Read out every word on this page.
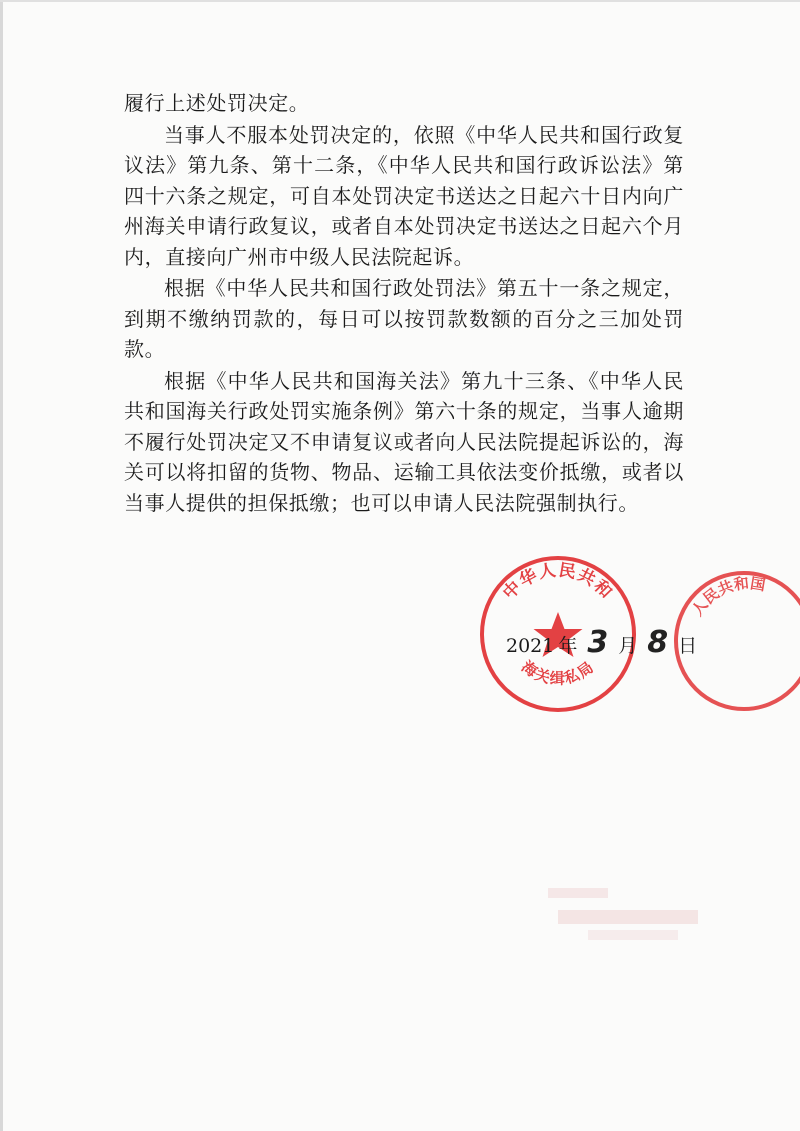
履行上述处罚决定。

当事人不服本处罚决定的，依照《中华人民共和国行政复议法》第九条、第十二条，《中华人民共和国行政诉讼法》第四十六条之规定，可自本处罚决定书送达之日起六十日内向广州海关申请行政复议，或者自本处罚决定书送达之日起六个月内，直接向广州市中级人民法院起诉。

根据《中华人民共和国行政处罚法》第五十一条之规定，到期不缴纳罚款的，每日可以按罚款数额的百分之三加处罚款。

根据《中华人民共和国海关法》第九十三条、《中华人民共和国海关行政处罚实施条例》第六十条的规定，当事人逾期不履行处罚决定又不申请复议或者向人民法院提起诉讼的，海关可以将扣留的货物、物品、运输工具依法变价抵缴，或者以当事人提供的担保抵缴；也可以申请人民法院强制执行。

中华人民共和
海关缉私局
人民共和国
2021 年 3 月 8 日
